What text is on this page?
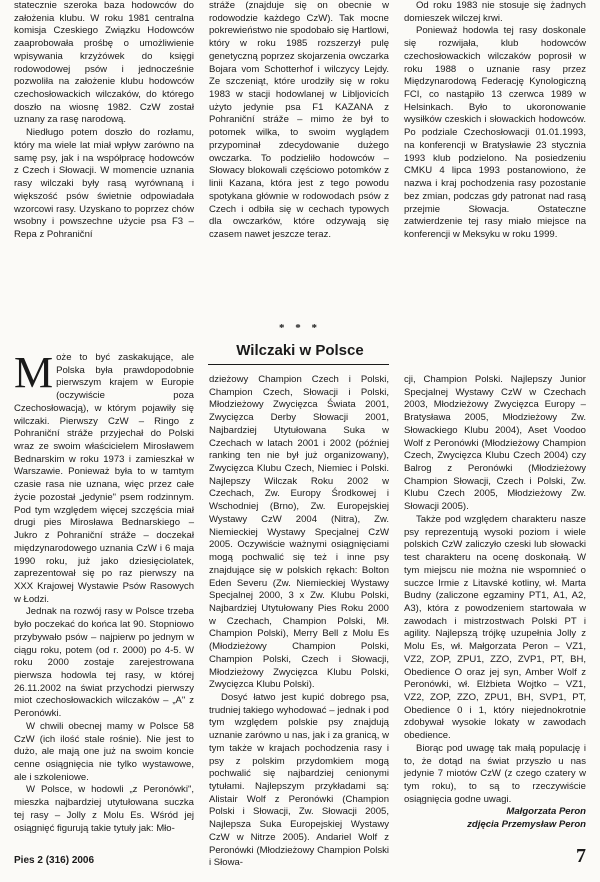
statecznie szeroka baza hodowców do założenia klubu. W roku 1981 centralna komisja Czeskiego Związku Hodowców zaaprobowała prośbę o umożliwienie wpisywania krzyżówek do księgi rodowodowej psów i jednocześnie pozwoliła na założenie klubu hodowców czechosłowackich wilczaków, do którego doszło na wiosnę 1982. CzW został uznany za rasę narodową.

Niedługo potem doszło do rozłamu, który ma wiele lat miał wpływ zarówno na samę psy, jak i na współpracę hodowców z Czech i Słowacji. W momencie uznania rasy wilczaki były rasą wyrównaną i większość psów świetnie odpowiadała wzorcowi rasy. Uzyskano to poprzez chów wsobny i powszechne użycie psa F3 – Repa z Pohraniční

stráže (znajduje się on obecnie w rodowodzie każdego CzW). Tak mocne pokrewieństwo nie spodobało się Hartlowi, który w roku 1985 rozszerzył pulę genetyczną poprzez skojarzenia owczarka Bojara vom Schotterhof i wilczycy Lejdy. Ze szczeniąt, które urodziły się w roku 1983 w stacji hodowlanej w Libljovicích użyto jedynie psa F1 KAZANA z Pohraniční stráže – mimo że był to potomek wilka, to swoim wyglądem przypominał zdecydowanie dużego owczarka. To podzieliło hodowców – Słowacy blokowali częściowo potomków z linii Kazana, która jest z tego powodu spotykana głównie w rodowodach psów z Czech i odbiła się w cechach typowych dla owczarków, które odzywają się czasem nawet jeszcze teraz.

Od roku 1983 nie stosuje się żadnych domieszek wilczej krwi.

Ponieważ hodowla tej rasy doskonale się rozwijała, klub hodowców czechosłowackich wilczaków poprosił w roku 1988 o uznanie rasy przez Międzynarodową Federację Kynologiczną FCI, co nastąpiło 13 czerwca 1989 w Helsinkach. Było to ukoronowanie wysiłków czeskich i słowackich hodowców. Po podziale Czechosłowacji 01.01.1993, na konferencji w Bratysławie 23 stycznia 1993 klub podzielono. Na posiedzeniu CMKU 4 lipca 1993 postanowiono, że nazwa i kraj pochodzenia rasy pozostanie bez zmian, podczas gdy patronat nad rasą przejmie Słowacja. Ostateczne zatwierdzenie tej rasy miało miejsce na konferencji w Meksyku w roku 1999.

* * *
Wilczaki w Polsce

Może to być zaskakujące, ale Polska była prawdopodobnie pierwszym krajem w Europie (oczywiście poza Czechosłowacją), w którym pojawiły się wilczaki. Pierwszy CzW – Ringo z Pohraniční stráže przyjechał do Polski wraz ze swoim właścicielem Mirosławem Bednarskim w roku 1973 i zamieszkał w Warszawie. Ponieważ była to w tamtym czasie rasa nie uznana, więc przez całe życie pozostał „jedynie" psem rodzinnym. Pod tym względem więcej szczęścia miał drugi pies Mirosława Bednarskiego – Jukro z Pohraniční stráže – doczekał międzynarodowego uznania CzW i 6 maja 1990 roku, już jako dziesięciolatek, zaprezentował się po raz pierwszy na XXX Krajowej Wystawie Psów Rasowych w Łodzi.

Jednak na rozwój rasy w Polsce trzeba było poczekać do końca lat 90. Stopniowo przybywało psów – najpierw po jednym w ciągu roku, potem (od r. 2000) po 4-5. W roku 2000 zostaje zarejestrowana pierwsza hodowla tej rasy, w której 26.11.2002 na świat przychodzi pierwszy miot czechosłowackich wilczaków – „A" z Peronówki.

W chwili obecnej mamy w Polsce 58 CzW (ich ilość stale rośnie). Nie jest to dużo, ale mają one już na swoim koncie cenne osiągnięcia nie tylko wystawowe, ale i szkoleniowe.

W Polsce, w hodowli „z Peronówki", mieszka najbardziej utytułowana suczka tej rasy – Jolly z Molu Es. Wśród jej osiągnięć figurują takie tytuły jak: Mło-

dzieżowy Champion Czech i Polski, Champion Czech, Słowacji i Polski, Młodzieżowy Zwycięzca Świata 2001, Zwycięzca Derby Słowacji 2001, Najbardziej Utytułowana Suka w Czechach w latach 2001 i 2002 (później ranking ten nie był już organizowany), Zwycięzca Klubu Czech, Niemiec i Polski. Najlepszy Wilczak Roku 2002 w Czechach, Zw. Europy Środkowej i Wschodniej (Brno), Zw. Europejskiej Wystawy CzW 2004 (Nitra), Zw. Niemieckiej Wystawy Specjalnej CzW 2005. Oczywiście ważnymi osiągnięciami mogą pochwalić się też i inne psy znajdujące się w polskich rękach: Bolton Eden Severu (Zw. Niemieckiej Wystawy Specjalnej 2000, 3 x Zw. Klubu Polski, Najbardziej Utytułowany Pies Roku 2000 w Czechach, Champion Polski, Mł. Champion Polski), Merry Bell z Molu Es (Młodzieżowy Champion Polski, Champion Polski, Czech i Słowacji, Młodzieżowy Zwycięzca Klubu Polski, Zwycięzca Klubu Polski).

Dosyć łatwo jest kupić dobrego psa, trudniej takiego wyhodować – jednak i pod tym względem polskie psy znajdują uznanie zarówno u nas, jak i za granicą, w tym także w krajach pochodzenia rasy i psy z polskim przydomkiem mogą pochwalić się najbardziej cenionymi tytułami. Najlepszym przykładami są: Alistair Wolf z Peronówki (Champion Polski i Słowacji, Zw. Słowacji 2005, Najlepsza Suka Europejskiej Wystawy CzW w Nitrze 2005). Andariel Wolf z Peronówki (Młodzieżowy Champion Polski i Słowa-

cji, Champion Polski. Najlepszy Junior Specjalnej Wystawy CzW w Czechach 2003, Młodzieżowy Zwycięzca Europy – Bratysława 2005, Młodzieżowy Zw. Słowackiego Klubu 2004), Aset Voodoo Wolf z Peronówki (Młodzieżowy Champion Czech, Zwycięzca Klubu Czech 2004) czy Balrog z Peronówki (Młodzieżowy Champion Słowacji, Czech i Polski, Zw. Klubu Czech 2005, Młodzieżowy Zw. Słowacji 2005).

Także pod względem charakteru nasze psy reprezentują wysoki poziom i wiele polskich CzW zaliczyło czeski lub słowacki test charakteru na ocenę doskonałą. W tym miejscu nie można nie wspomnieć o suczce Irmie z Litavské kotliny, wł. Marta Budny (zaliczone egzaminy PT1, A1, A2, A3), która z powodzeniem startowała w zawodach i mistrzostwach Polski PT i agility. Najlepszą trójkę uzupełnia Jolly z Molu Es, wł. Małgorzata Peron – VZ1, VZ2, ZOP, ZPU1, ZZO, ZVP1, PT, BH, Obedience O oraz jej syn, Amber Wolf z Peronówki, wł. Elżbieta Wojtko – VZ1, VZ2, ZOP, ZZO, ZPU1, BH, SVP1, PT, Obedience 0 i 1, który niejednokrotnie zdobywał wysokie lokaty w zawodach obedience.

Biorąc pod uwagę tak małą populację i to, że dotąd na świat przyszło u nas jedynie 7 miotów CzW (z czego czatery w tym roku), to są to rzeczywiście osiągnięcia godne uwagi.

Małgorzata Peron
zdjęcia Przemysław Peron

Pies 2 (316) 2006	7
